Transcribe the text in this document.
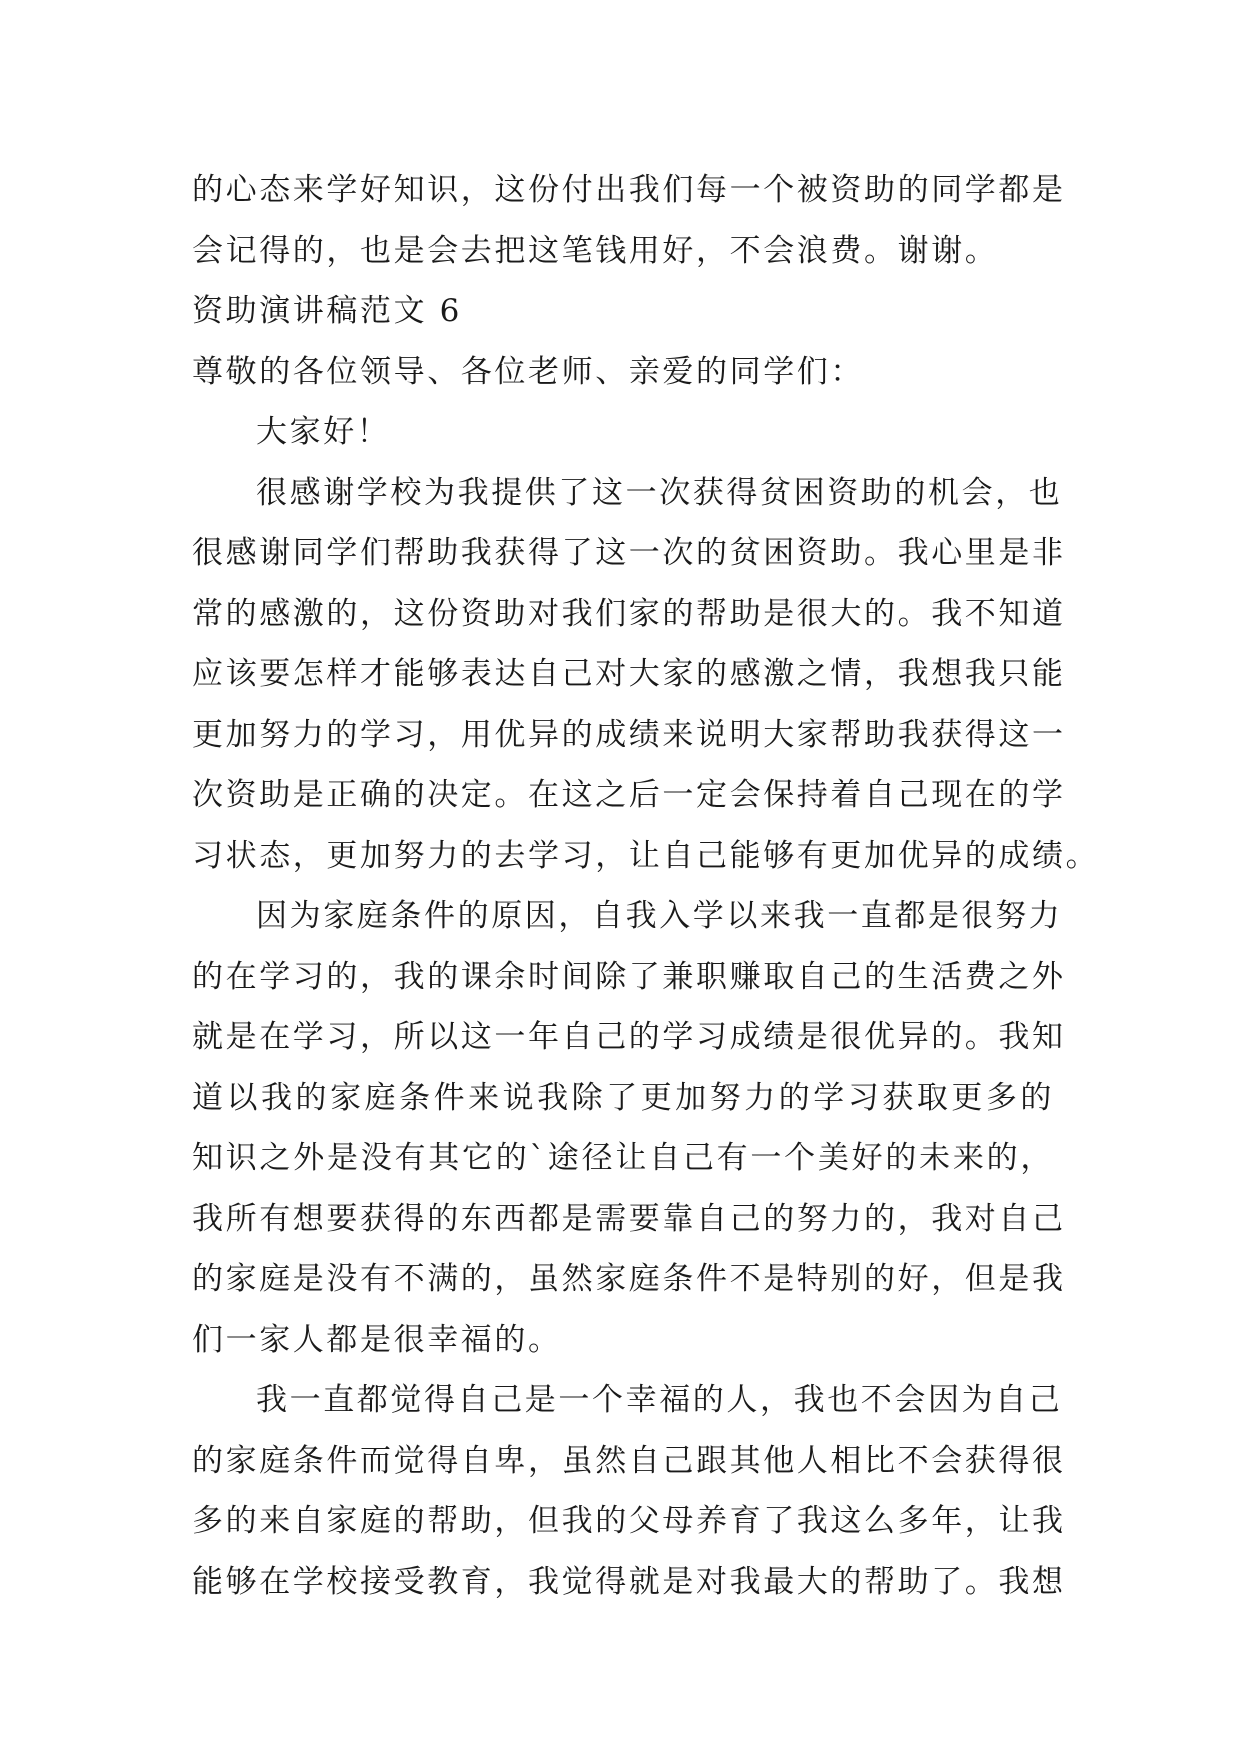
的心态来学好知识，这份付出我们每一个被资助的同学都是
会记得的，也是会去把这笔钱用好，不会浪费。谢谢。
资助演讲稿范文 6
尊敬的各位领导、各位老师、亲爱的同学们：
大家好！
很感谢学校为我提供了这一次获得贫困资助的机会，也
很感谢同学们帮助我获得了这一次的贫困资助。我心里是非
常的感激的，这份资助对我们家的帮助是很大的。我不知道
应该要怎样才能够表达自己对大家的感激之情，我想我只能
更加努力的学习，用优异的成绩来说明大家帮助我获得这一
次资助是正确的决定。在这之后一定会保持着自己现在的学
习状态，更加努力的去学习，让自己能够有更加优异的成绩。
因为家庭条件的原因，自我入学以来我一直都是很努力
的在学习的，我的课余时间除了兼职赚取自己的生活费之外
就是在学习，所以这一年自己的学习成绩是很优异的。我知
道以我的家庭条件来说我除了更加努力的学习获取更多的
知识之外是没有其它的`途径让自己有一个美好的未来的，
我所有想要获得的东西都是需要靠自己的努力的，我对自己
的家庭是没有不满的，虽然家庭条件不是特别的好，但是我
们一家人都是很幸福的。
我一直都觉得自己是一个幸福的人，我也不会因为自己
的家庭条件而觉得自卑，虽然自己跟其他人相比不会获得很
多的来自家庭的帮助，但我的父母养育了我这么多年，让我
能够在学校接受教育，我觉得就是对我最大的帮助了。我想
